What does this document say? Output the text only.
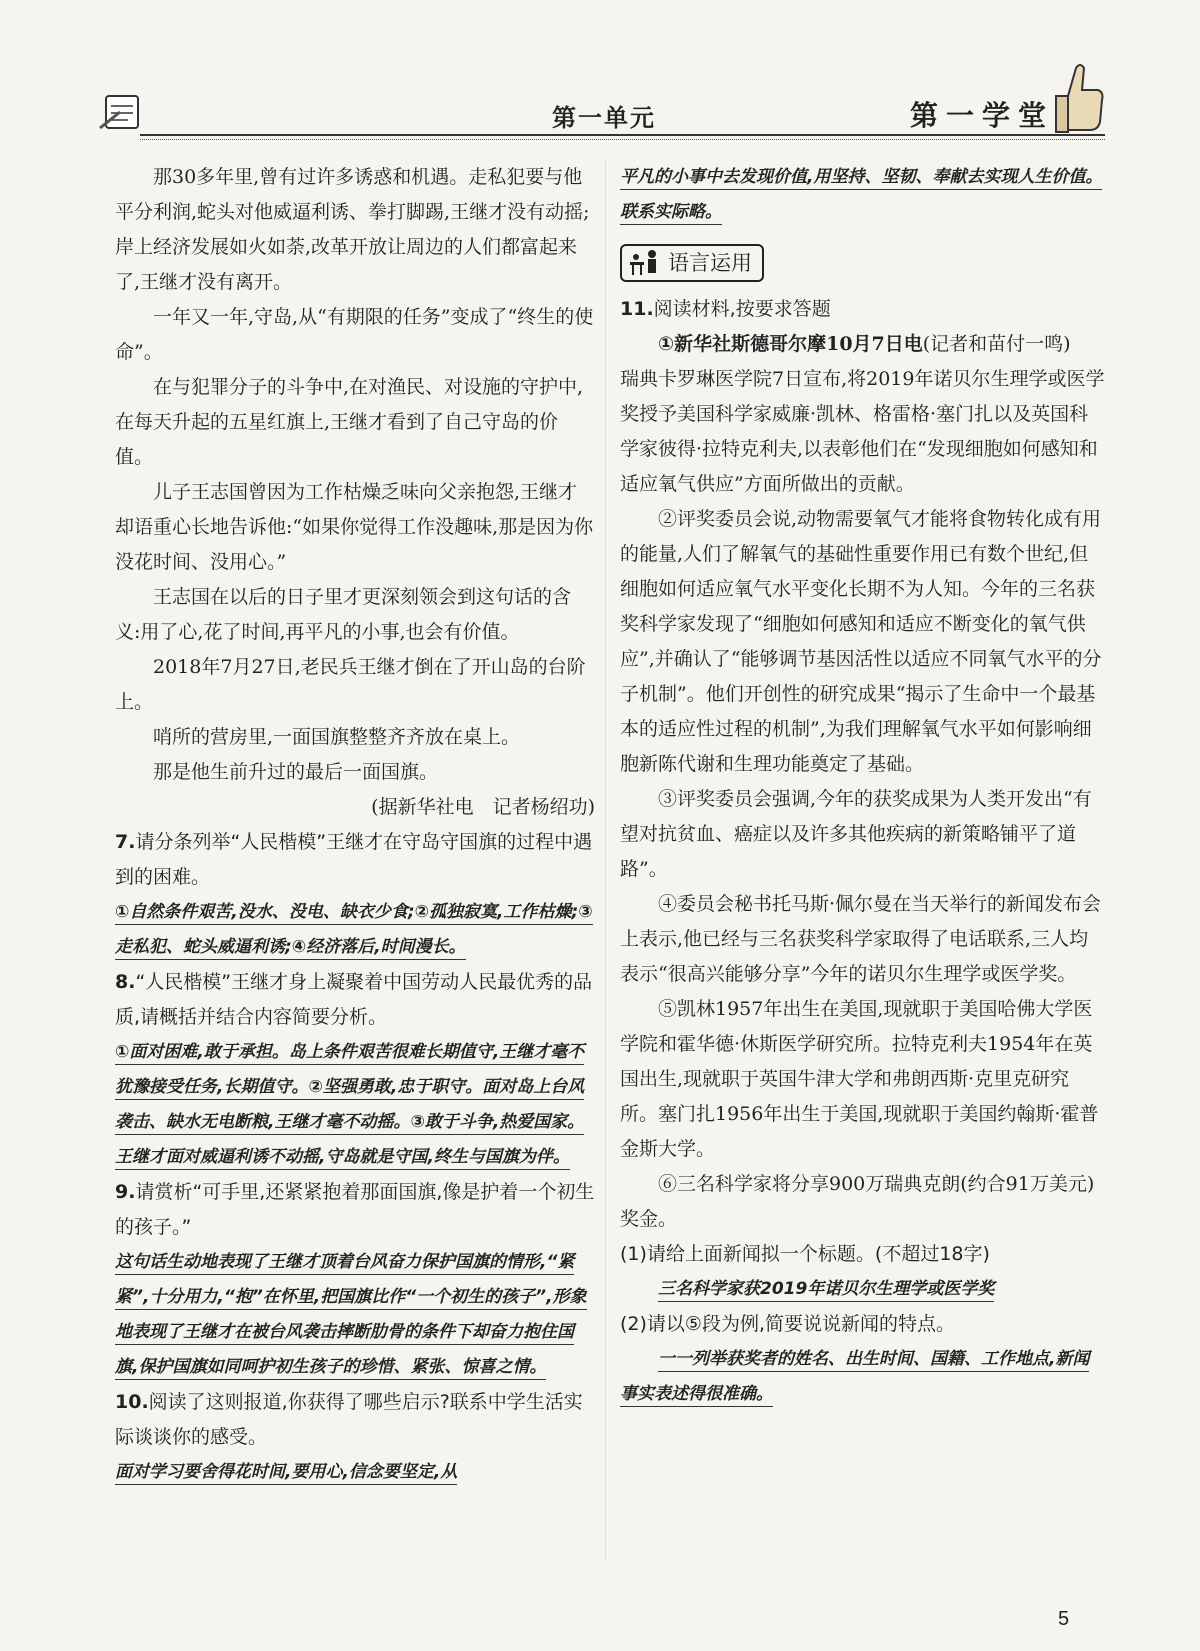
第一单元	第一学堂

那30多年里,曾有过许多诱惑和机遇。走私犯要与他平分利润,蛇头对他威逼利诱、拳打脚踢,王继才没有动摇;岸上经济发展如火如荼,改革开放让周边的人们都富起来了,王继才没有离开。

一年又一年,守岛,从“有期限的任务”变成了“终生的使命”。

在与犯罪分子的斗争中,在对渔民、对设施的守护中,在每天升起的五星红旗上,王继才看到了自己守岛的价值。

儿子王志国曾因为工作枯燥乏味向父亲抱怨,王继才却语重心长地告诉他:“如果你觉得工作没趣味,那是因为你没花时间、没用心。”

王志国在以后的日子里才更深刻领会到这句话的含义:用了心,花了时间,再平凡的小事,也会有价值。

2018年7月27日,老民兵王继才倒在了开山岛的台阶上。

哨所的营房里,一面国旗整整齐齐放在桌上。

那是他生前升过的最后一面国旗。

(据新华社电　记者杨绍功)

7.请分条列举“人民楷模”王继才在守岛守国旗的过程中遇到的困难。

①自然条件艰苦,没水、没电、缺衣少食;②孤独寂寞,工作枯燥;③走私犯、蛇头威逼利诱;④经济落后,时间漫长。

8.“人民楷模”王继才身上凝聚着中国劳动人民最优秀的品质,请概括并结合内容简要分析。

①面对困难,敢于承担。岛上条件艰苦很难长期值守,王继才毫不犹豫接受任务,长期值守。②坚强勇敢,忠于职守。面对岛上台风袭击、缺水无电断粮,王继才毫不动摇。③敢于斗争,热爱国家。王继才面对威逼利诱不动摇,守岛就是守国,终生与国旗为伴。

9.请赏析“可手里,还紧紧抱着那面国旗,像是护着一个初生的孩子。”

这句话生动地表现了王继才顶着台风奋力保护国旗的情形,“紧紧”,十分用力,“抱”在怀里,把国旗比作“一个初生的孩子”,形象地表现了王继才在被台风袭击摔断肋骨的条件下却奋力抱住国旗,保护国旗如同呵护初生孩子的珍惜、紧张、惊喜之情。

10.阅读了这则报道,你获得了哪些启示?联系中学生活实际谈谈你的感受。

面对学习要舍得花时间,要用心,信念要坚定,从

平凡的小事中去发现价值,用坚持、坚韧、奉献去实现人生价值。联系实际略。

语言运用

11.阅读材料,按要求答题

①新华社斯德哥尔摩10月7日电(记者和苗付一鸣)　瑞典卡罗琳医学院7日宣布,将2019年诺贝尔生理学或医学奖授予美国科学家威廉·凯林、格雷格·塞门扎以及英国科学家彼得·拉特克利夫,以表彰他们在“发现细胞如何感知和适应氧气供应”方面所做出的贡献。

②评奖委员会说,动物需要氧气才能将食物转化成有用的能量,人们了解氧气的基础性重要作用已有数个世纪,但细胞如何适应氧气水平变化长期不为人知。今年的三名获奖科学家发现了“细胞如何感知和适应不断变化的氧气供应”,并确认了“能够调节基因活性以适应不同氧气水平的分子机制”。他们开创性的研究成果“揭示了生命中一个最基本的适应性过程的机制”,为我们理解氧气水平如何影响细胞新陈代谢和生理功能奠定了基础。

③评奖委员会强调,今年的获奖成果为人类开发出“有望对抗贫血、癌症以及许多其他疾病的新策略铺平了道路”。

④委员会秘书托马斯·佩尔曼在当天举行的新闻发布会上表示,他已经与三名获奖科学家取得了电话联系,三人均表示“很高兴能够分享”今年的诺贝尔生理学或医学奖。

⑤凯林1957年出生在美国,现就职于美国哈佛大学医学院和霍华德·休斯医学研究所。拉特克利夫1954年在英国出生,现就职于英国牛津大学和弗朗西斯·克里克研究所。塞门扎1956年出生于美国,现就职于美国约翰斯·霍普金斯大学。

⑥三名科学家将分享900万瑞典克朗(约合91万美元)奖金。

(1)请给上面新闻拟一个标题。(不超过18字)

三名科学家获2019年诺贝尔生理学或医学奖

(2)请以⑤段为例,简要说说新闻的特点。

一一列举获奖者的姓名、出生时间、国籍、工作地点,新闻事实表述得很准确。

5
